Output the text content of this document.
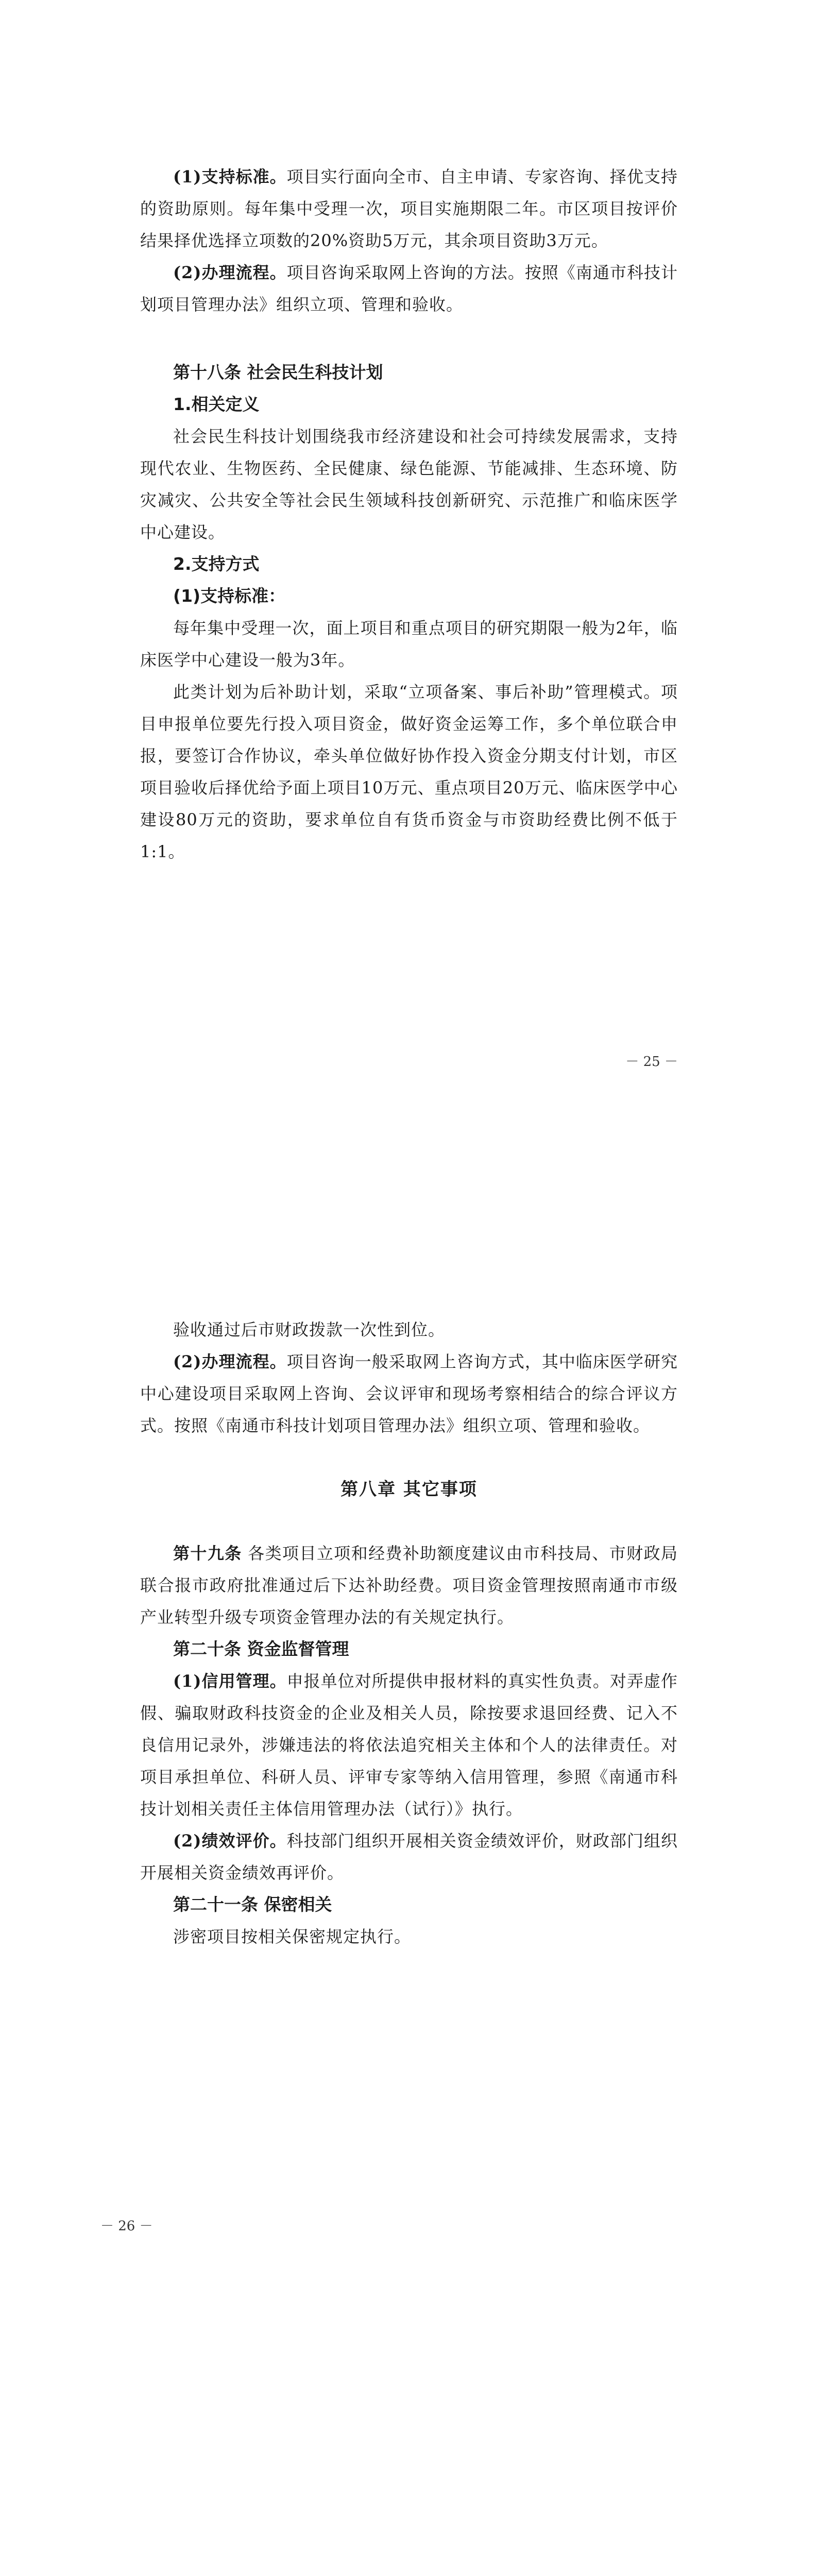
(1)支持标准。项目实行面向全市、自主申请、专家咨询、择优支持的资助原则。每年集中受理一次，项目实施期限二年。市区项目按评价结果择优选择立项数的20%资助5万元，其余项目资助3万元。

(2)办理流程。项目咨询采取网上咨询的方法。按照《南通市科技计划项目管理办法》组织立项、管理和验收。

第十八条 社会民生科技计划
1.相关定义

社会民生科技计划围绕我市经济建设和社会可持续发展需求，支持现代农业、生物医药、全民健康、绿色能源、节能减排、生态环境、防灾减灾、公共安全等社会民生领域科技创新研究、示范推广和临床医学中心建设。

2.支持方式
(1)支持标准：

每年集中受理一次，面上项目和重点项目的研究期限一般为2年，临床医学中心建设一般为3年。

此类计划为后补助计划，采取“立项备案、事后补助”管理模式。项目申报单位要先行投入项目资金，做好资金运筹工作，多个单位联合申报，要签订合作协议，牵头单位做好协作投入资金分期支付计划，市区项目验收后择优给予面上项目10万元、重点项目20万元、临床医学中心建设80万元的资助，要求单位自有货币资金与市资助经费比例不低于1:1。

－ 25 －

验收通过后市财政拨款一次性到位。

(2)办理流程。项目咨询一般采取网上咨询方式，其中临床医学研究中心建设项目采取网上咨询、会议评审和现场考察相结合的综合评议方式。按照《南通市科技计划项目管理办法》组织立项、管理和验收。

第八章 其它事项

第十九条 各类项目立项和经费补助额度建议由市科技局、市财政局联合报市政府批准通过后下达补助经费。项目资金管理按照南通市市级产业转型升级专项资金管理办法的有关规定执行。

第二十条 资金监督管理

(1)信用管理。申报单位对所提供申报材料的真实性负责。对弄虚作假、骗取财政科技资金的企业及相关人员，除按要求退回经费、记入不良信用记录外，涉嫌违法的将依法追究相关主体和个人的法律责任。对项目承担单位、科研人员、评审专家等纳入信用管理，参照《南通市科技计划相关责任主体信用管理办法（试行）》执行。

(2)绩效评价。科技部门组织开展相关资金绩效评价，财政部门组织开展相关资金绩效再评价。

第二十一条 保密相关

涉密项目按相关保密规定执行。

－ 26 －
